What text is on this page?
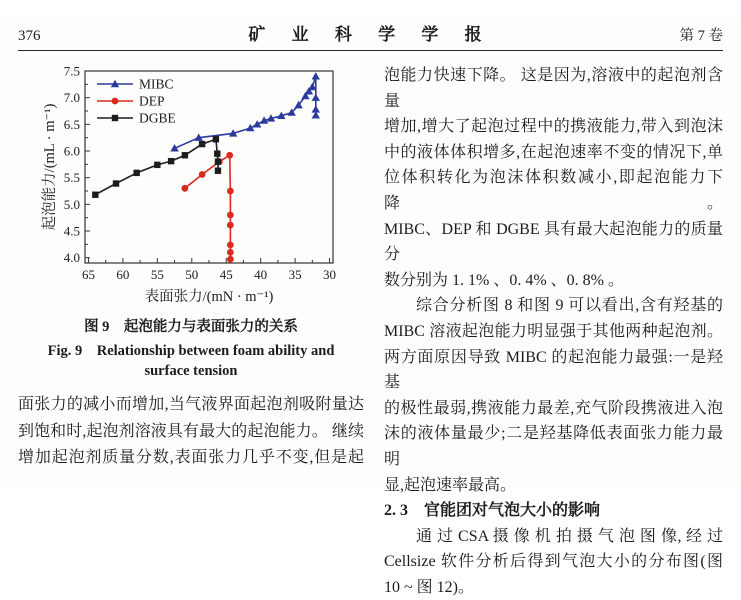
376	矿 业 科 学 学 报	第 7 卷
65 60 55 50 45 40 35 30
4.0
4.5
5.0
5.5
6.0
6.5
7.0
7.5
表面张力/(mN · m⁻¹)
起泡能力/(mL · m⁻¹)
MIBC
DEP
DGBE
图 9　起泡能力与表面张力的关系
Fig. 9　Relationship between foam ability and
surface tension
面张力的减小而增加,当气液界面起泡剂吸附量达
到饱和时,起泡剂溶液具有最大的起泡能力。 继续
增加起泡剂质量分数,表面张力几乎不变,但是起
泡能力快速下降。 这是因为,溶液中的起泡剂含量
增加,增大了起泡过程中的携液能力,带入到泡沫
中的液体体积增多,在起泡速率不变的情况下,单
位体积转化为泡沫体积数减小,即起泡能力下降。
MIBC、DEP 和 DGBE 具有最大起泡能力的质量分
数分别为 1. 1% 、0. 4% 、0. 8% 。
综合分析图 8 和图 9 可以看出,含有羟基的
MIBC 溶液起泡能力明显强于其他两种起泡剂。
两方面原因导致 MIBC 的起泡能力最强:一是羟基
的极性最弱,携液能力最差,充气阶段携液进入泡
沫的液体量最少;二是羟基降低表面张力能力最明
显,起泡速率最高。
2. 3　官能团对气泡大小的影响
通 过 CSA 摄 像 机 拍 摄 气 泡 图 像, 经 过
Cellsize 软件分析后得到气泡大小的分布图(图
10 ~ 图 12)。
